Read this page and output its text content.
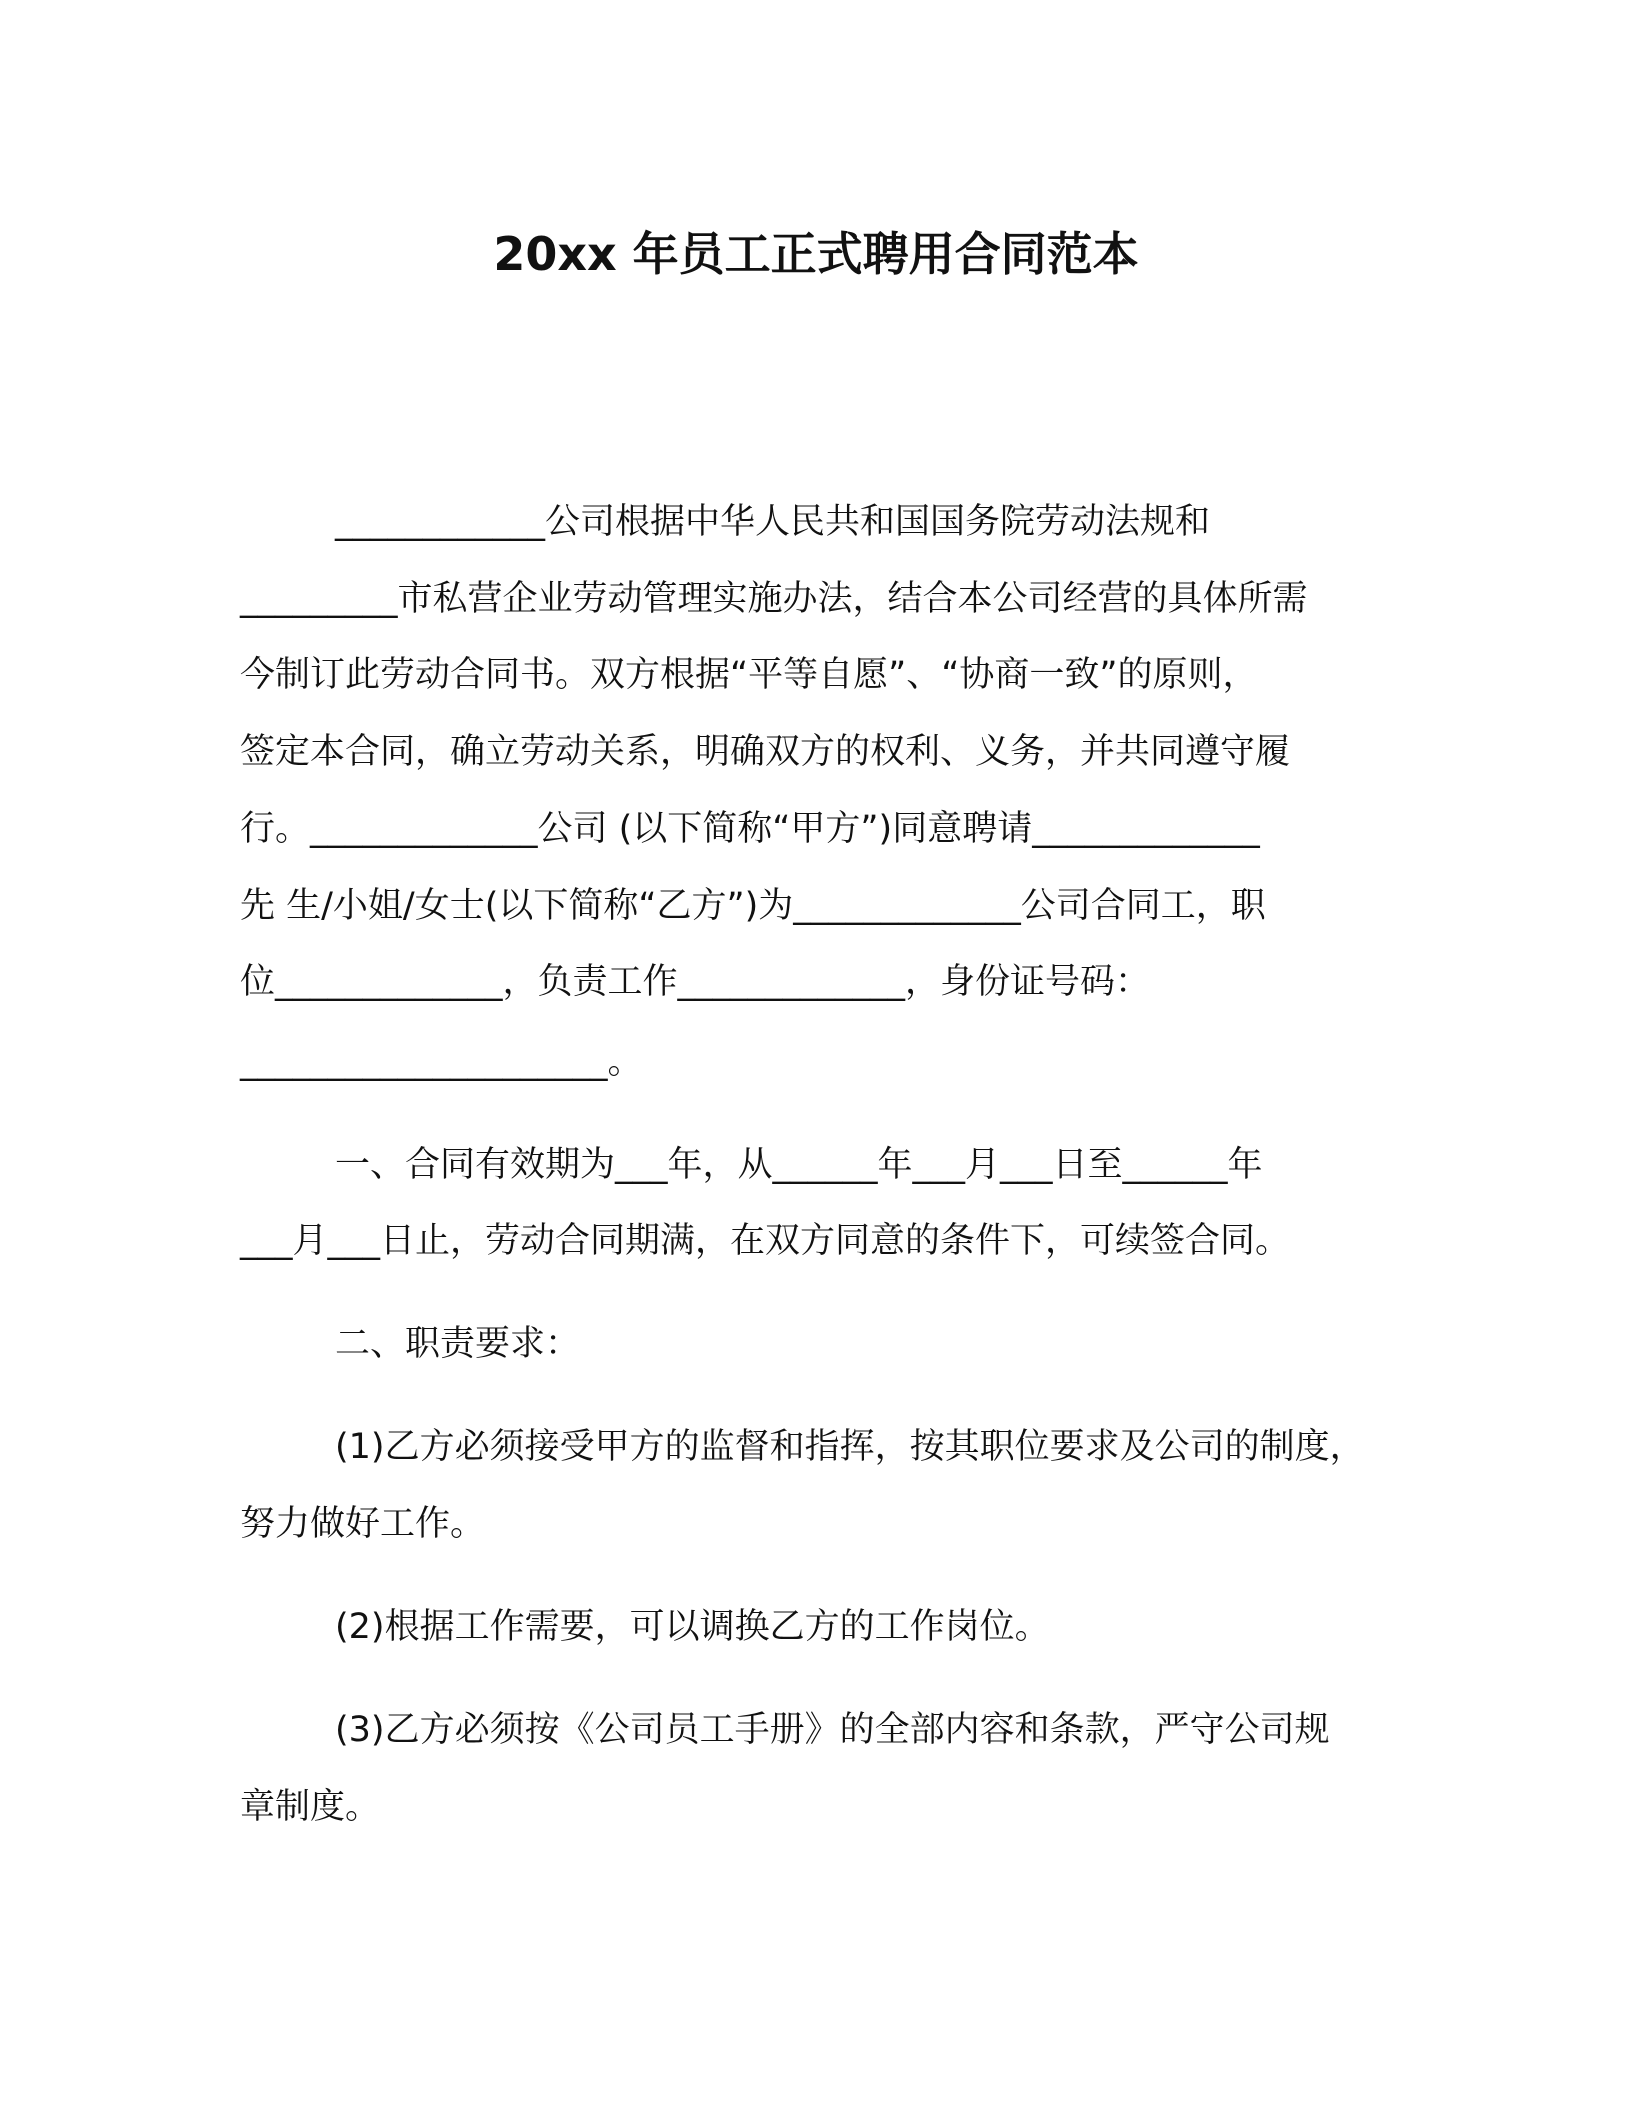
20xx 年员工正式聘用合同范本

____________公司根据中华人民共和国国务院劳动法规和

_________市私营企业劳动管理实施办法，结合本公司经营的具体所需

今制订此劳动合同书。双方根据“平等自愿”、“协商一致”的原则，

签定本合同，确立劳动关系，明确双方的权利、义务，并共同遵守履

行。_____________公司 (以下简称“甲方”)同意聘请_____________

先 生/小姐/女士(以下简称“乙方”)为_____________公司合同工，职

位_____________，负责工作_____________，身份证号码：

_____________________。

一、合同有效期为___年，从______年___月___日至______年

___月___日止，劳动合同期满，在双方同意的条件下，可续签合同。

二、职责要求：

(1)乙方必须接受甲方的监督和指挥，按其职位要求及公司的制度，

努力做好工作。

(2)根据工作需要，可以调换乙方的工作岗位。

(3)乙方必须按《公司员工手册》的全部内容和条款，严守公司规

章制度。
